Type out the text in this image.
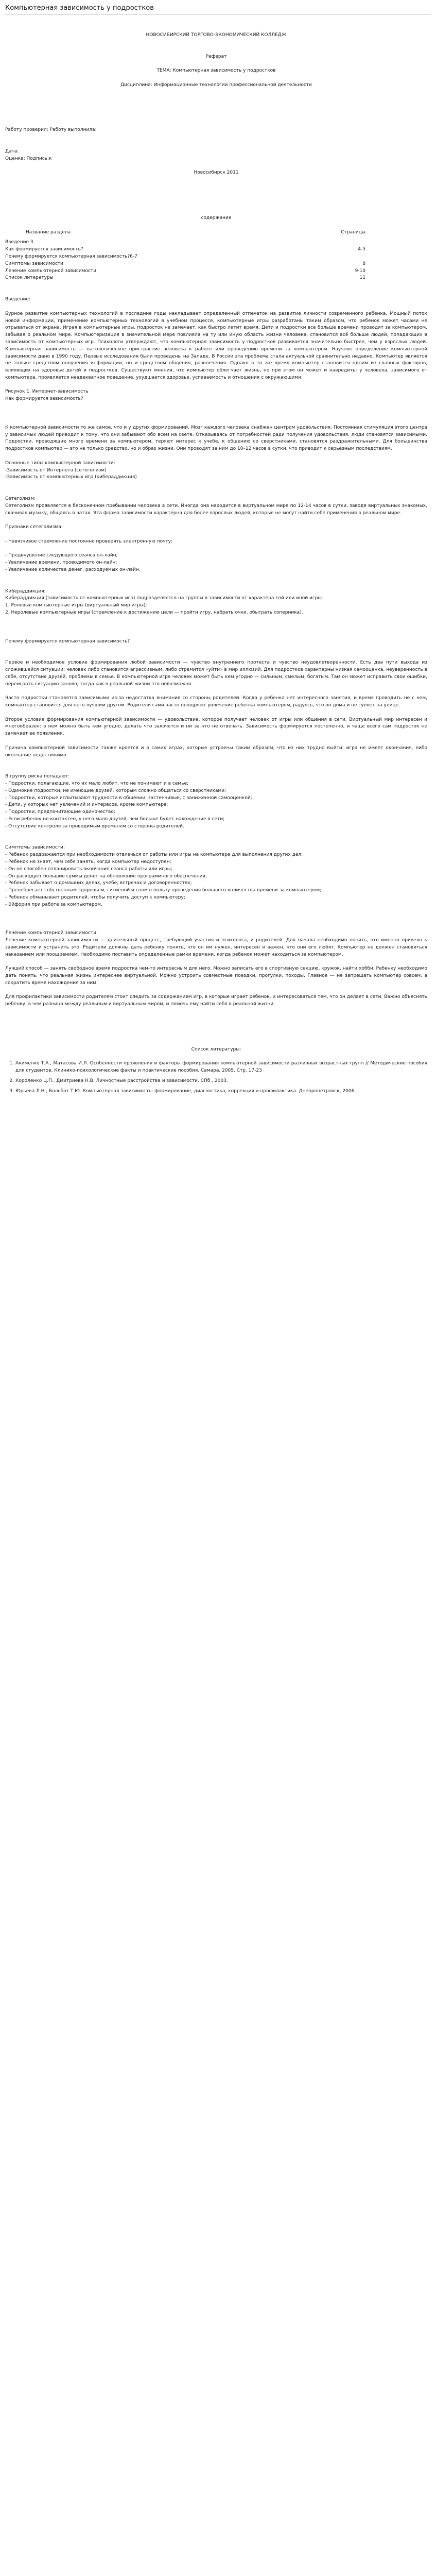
Компьютерная зависимость у подростков

НОВОСИБИРСКИЙ ТОРГОВО-ЭКОНОМИЧЕСКИЙ КОЛЛЕДЖ

Реферат

ТЕМА: Компьютерная зависимость у подростков

Дисциплина: Информационные технологии профессиональной деятельности

Работу проверил: Работу выполнила:

Дата:

Оценка: Подпись:к

Новосибирск 2011

содержание

Название раздела	Страницы
Введение 3
Как формируется зависимость?	4-5
Почему формируется компьютерная зависимость?6-7
Симптомы зависимости	8
Лечение компьютерной зависимости	9-10
Список литературы	11

Введение:

Бурное развитие компьютерных технологий в последние годы накладывает определенный отпечаток на развитие личности современного ребенка. Мощный поток новой информации, применение компьютерных технологий в учебном процессе, компьютерные игры разработаны таким образом, что ребенок может часами не отрываться от экрана. Играя в компьютерные игры, подросток не замечает, как быстро летит время. Дети и подростки все больше времени проводят за компьютером, забывая о реальном мире. Компьютеризация в значительной мере повлияла на ту или иную область жизни человека, становится всё больше людей, попадающих в зависимость от компьютерных игр. Психологи утверждают, что компьютерная зависимость у подростков развивается значительно быстрее, чем у взрослых людей. Компьютерная зависимость — патологическое пристрастие человека к работе или проведению времени за компьютером. Научное определение компьютерной зависимости дано в 1990 году. Первые исследования были проведены на Западе. В России эта проблема стала актуальной сравнительно недавно. Компьютер является не только средством получения информации, но и средством общения, развлечения. Однако в то же время компьютер становится одним из главных факторов, влияющих на здоровье детей и подростков. Существуют мнения, что компьютер облегчает жизнь, но при этом он может и навредить: у человека, зависимого от компьютера, проявляется неадекватное поведение, ухудшается здоровье, успеваемость и отношения с окружающими.

Рисунок 1. Интернет-зависимость

Как формируется зависимость?

К компьютерной зависимости то же самое, что и у других формирований. Мозг каждого человека снабжен центром удовольствия. Постоянная стимуляция этого центра у зависимых людей приводит к тому, что они забывают обо всем на свете. Отказываясь от потребностей ради получения удовольствия, люди становятся зависимыми. Подростки, проводящие много времени за компьютером, теряют интерес к учебе, к общению со сверстниками, становятся раздражительными. Для большинства подростков компьютер — это не только средство, но и образ жизни. Они проводят за ним до 10–12 часов в сутки, что приводит к серьёзным последствиям.

Основные типы компьютерной зависимости:

-Зависимость от Интернета (сетеголизм)

-Зависимость от компьютерных игр (кибераддикция)

Сетеголизм:

Сетеголизм проявляется в бесконечном пребывании человека в сети. Иногда она находится в виртуальном мире по 12-14 часов в сутки, заводя виртуальных знакомых, скачивая музыку, общаясь в чатах. Эта форма зависимости характерна для более взрослых людей, которые не могут найти себе применения в реальном мире.

Признаки сетеголизма:

- Навязчивое стремление постоянно проверять электронную почту;

- Предвкушение следующего сеанса он-лайн;

- Увеличение времени, проводимого он-лайн;

- Увеличение количества денег, расходуемых он-лайн.

Кибераддикция:

Кибераддикция (зависимость от компьютерных игр) подразделяется на группы в зависимости от характера той или иной игры:

1. Ролевые компьютерные игры (виртуальный мир игры);

2. Неролевые компьютерные игры (стремление к достижению цели — пройти игру, набрать очки, обыграть соперника).

Почему формируется компьютерная зависимость?

Первое и необходимое условие формирования любой зависимости — чувство внутреннего протеста и чувство неудовлетворенности. Есть два пути выхода из сложившейся ситуации: человек либо становится агрессивным, либо стремится «уйти» в мир иллюзий. Для подростков характерны низкая самооценка, неуверенность в себе, отсутствие друзей, проблемы в семье. В компьютерной игре человек может быть кем угодно — сильным, смелым, богатым. Там он может исправить свои ошибки, переиграть ситуацию заново, тогда как в реальной жизни это невозможно.

Часто подростки становятся зависимыми из-за недостатка внимания со стороны родителей. Когда у ребенка нет интересного занятия, и время проводить не с кем, компьютер становится для него лучшим другом. Родители сами часто поощряют увлечение ребенка компьютером, радуясь, что он дома и не гуляет на улице.

Второе условие формирования компьютерной зависимости — удовольствие, которое получает человек от игры или общения в сети. Виртуальный мир интересен и многообразен: в нем можно быть кем угодно, делать что захочется и ни за что не отвечать. Зависимость формируется постепенно, и чаще всего сам подросток не замечает ее появления.

Причина компьютерной зависимости также кроется и в самих играх, которые устроены таким образом, что из них трудно выйти: игра не имеет окончания, либо окончание недостижимо.

В группу риска попадают:

- Подростки, полагающие, что их мало любят, что не понимают и в семье;

- Одинокие подростки, не имеющие друзей, которым сложно общаться со сверстниками;

- Подростки, которые испытывают трудности в общении, застенчивые, с заниженной самооценкой;

- Дети, у которых нет увлечений и интересов, кроме компьютера;

- Подростки, предпочитающие одиночество;

- Если ребенок не контактен, у него мало друзей, чем больше будет нахождение в сети;

- Отсутствие контроля за проводимым временем со стороны родителей.

Симптомы зависимости:

- Ребенок раздражается при необходимости отвлечься от работы или игры на компьютере для выполнения других дел;

- Ребенок не знает, чем себя занять, когда компьютер недоступен;

- Он не способен спланировать окончание сеанса работы или игры;

- Он расходует большие суммы денег на обновление программного обеспечения;

- Ребенок забывает о домашних делах, учебе, встречах и договоренностях;

- Пренебрегает собственным здоровьем, гигиеной и сном в пользу проведения большего количества времени за компьютером;

- Ребенок обманывает родителей, чтобы получить доступ к компьютеру;

- Эйфория при работе за компьютером.

Лечение компьютерной зависимости:

Лечение компьютерной зависимости — длительный процесс, требующий участия и психолога, и родителей. Для начала необходимо понять, что именно привело к зависимости и устранить это. Родители должны дать ребенку понять, что он им нужен, интересен и важен, что они его любят. Компьютер не должен становиться наказанием или поощрением. Необходимо поставить определенные рамки времени, когда ребенок может находиться за компьютером.

Лучший способ — занять свободное время подростка чем-то интересным для него. Можно записать его в спортивную секцию, кружок, найти хобби. Ребенку необходимо дать понять, что реальная жизнь интереснее виртуальной. Можно устроить совместные поездки, прогулки, походы. Главное — не запрещать компьютер совсем, а сократить время нахождения за ним.

Для профилактики зависимости родителям стоит следить за содержанием игр, в которые играет ребенок, и интересоваться тем, что он делает в сети. Важно объяснять ребенку, в чем разница между реальным и виртуальным миром, и помочь ему найти себя в реальной жизни.

Список литературы:

1. Акименко Т.А., Матасова И.Л. Особенности проявления и факторы формирования компьютерной зависимости различных возрастных групп // Методические пособия для студентов. Клинико-психологические факты и практические пособия. Самара, 2005. Стр. 17-23
2. Короленко Ц.П., Дмитриева Н.В. Личностные расстройства и зависимости. СПб., 2003.
3. Юрьева Л.Н., Больбот Т.Ю. Компьютерная зависимость: формирование, диагностика, коррекция и профилактика. Днепропетровск, 2006.
